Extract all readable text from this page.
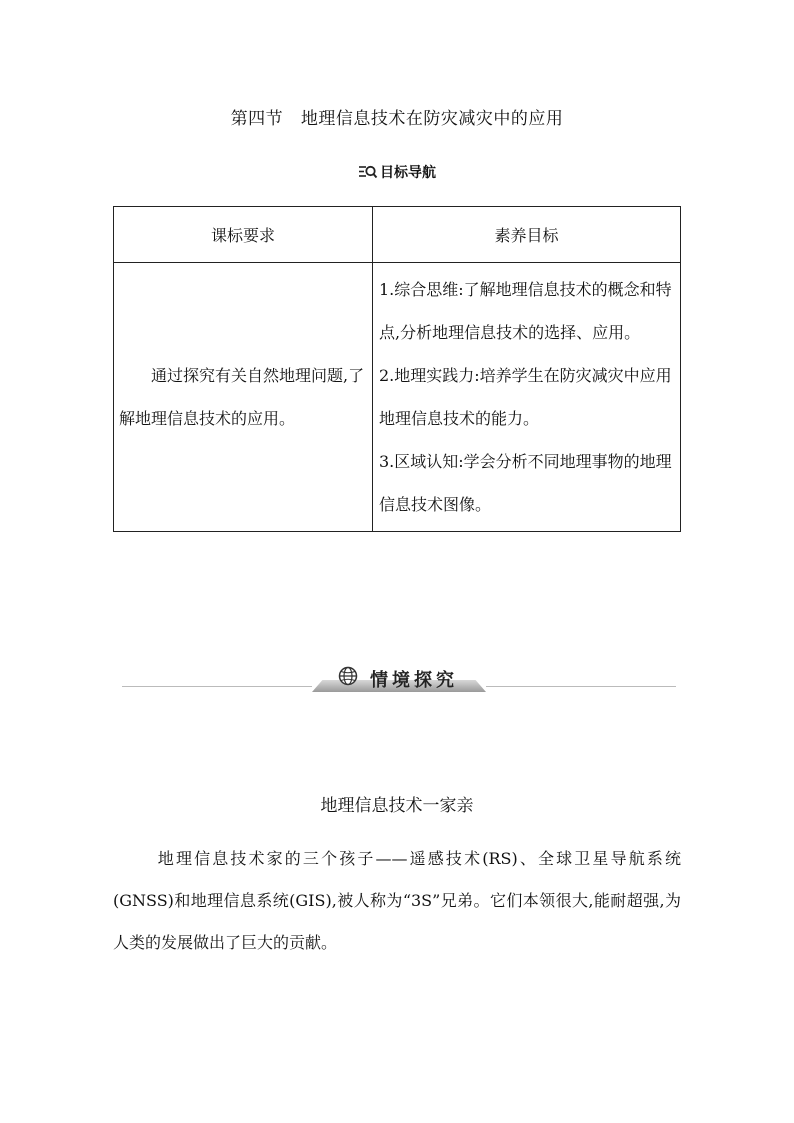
第四节   地理信息技术在防灾减灾中的应用
目标导航
课标要求	素养目标

通过探究有关自然地理问题,了解地理信息技术的应用。	1.综合思维:了解地理信息技术的概念和特点,分析地理信息技术的选择、应用。

2.地理实践力:培养学生在防灾减灾中应用地理信息技术的能力。

3.区域认知:学会分析不同地理事物的地理信息技术图像。

情境探究
地理信息技术一家亲

地理信息技术家的三个孩子——遥感技术(RS)、全球卫星导航系统(GNSS)和地理信息系统(GIS),被人称为“3S”兄弟。它们本领很大,能耐超强,为人类的发展做出了巨大的贡献。
